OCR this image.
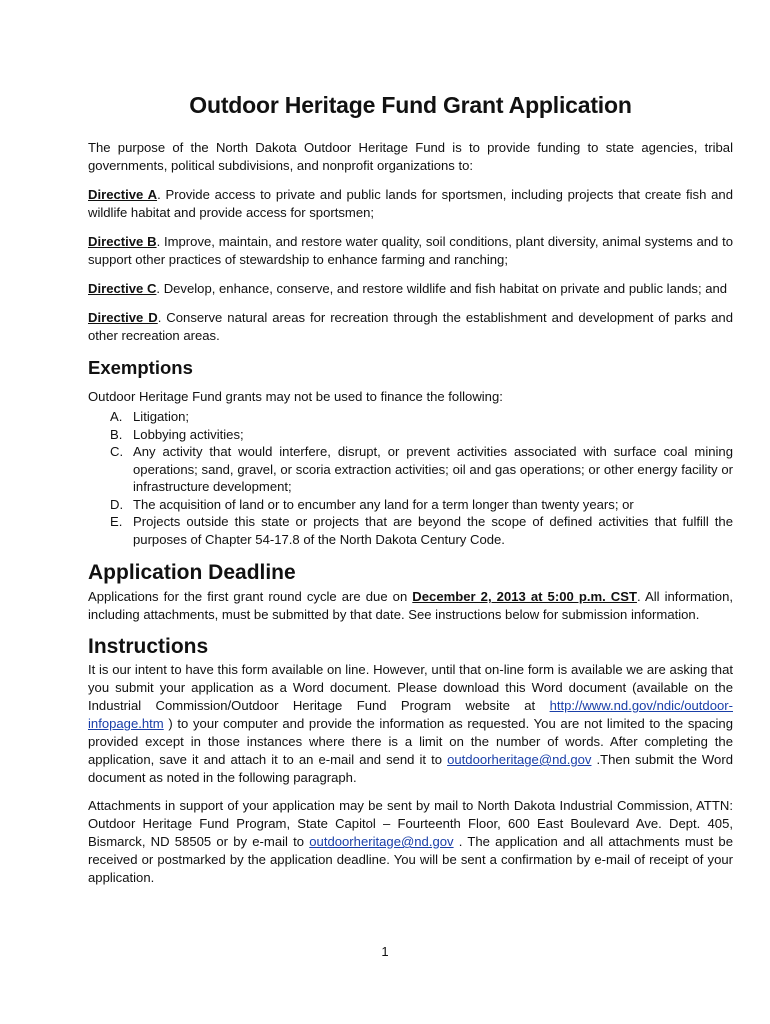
Outdoor Heritage Fund Grant Application

The purpose of the North Dakota Outdoor Heritage Fund is to provide funding to state agencies, tribal governments, political subdivisions, and nonprofit organizations to:

Directive A. Provide access to private and public lands for sportsmen, including projects that create fish and wildlife habitat and provide access for sportsmen;

Directive B. Improve, maintain, and restore water quality, soil conditions, plant diversity, animal systems and to support other practices of stewardship to enhance farming and ranching;

Directive C. Develop, enhance, conserve, and restore wildlife and fish habitat on private and public lands; and

Directive D. Conserve natural areas for recreation through the establishment and development of parks and other recreation areas.

Exemptions

Outdoor Heritage Fund grants may not be used to finance the following:

A. Litigation;
B. Lobbying activities;
C. Any activity that would interfere, disrupt, or prevent activities associated with surface coal mining operations; sand, gravel, or scoria extraction activities; oil and gas operations; or other energy facility or infrastructure development;
D. The acquisition of land or to encumber any land for a term longer than twenty years; or
E. Projects outside this state or projects that are beyond the scope of defined activities that fulfill the purposes of Chapter 54-17.8 of the North Dakota Century Code.
Application Deadline

Applications for the first grant round cycle are due on December 2, 2013 at 5:00 p.m. CST. All information, including attachments, must be submitted by that date. See instructions below for submission information.

Instructions

It is our intent to have this form available on line. However, until that on-line form is available we are asking that you submit your application as a Word document. Please download this Word document (available on the Industrial Commission/Outdoor Heritage Fund Program website at http://www.nd.gov/ndic/outdoor-infopage.htm ) to your computer and provide the information as requested. You are not limited to the spacing provided except in those instances where there is a limit on the number of words. After completing the application, save it and attach it to an e-mail and send it to outdoorheritage@nd.gov .Then submit the Word document as noted in the following paragraph.

Attachments in support of your application may be sent by mail to North Dakota Industrial Commission, ATTN: Outdoor Heritage Fund Program, State Capitol – Fourteenth Floor, 600 East Boulevard Ave. Dept. 405, Bismarck, ND 58505 or by e-mail to outdoorheritage@nd.gov . The application and all attachments must be received or postmarked by the application deadline. You will be sent a confirmation by e-mail of receipt of your application.

1
